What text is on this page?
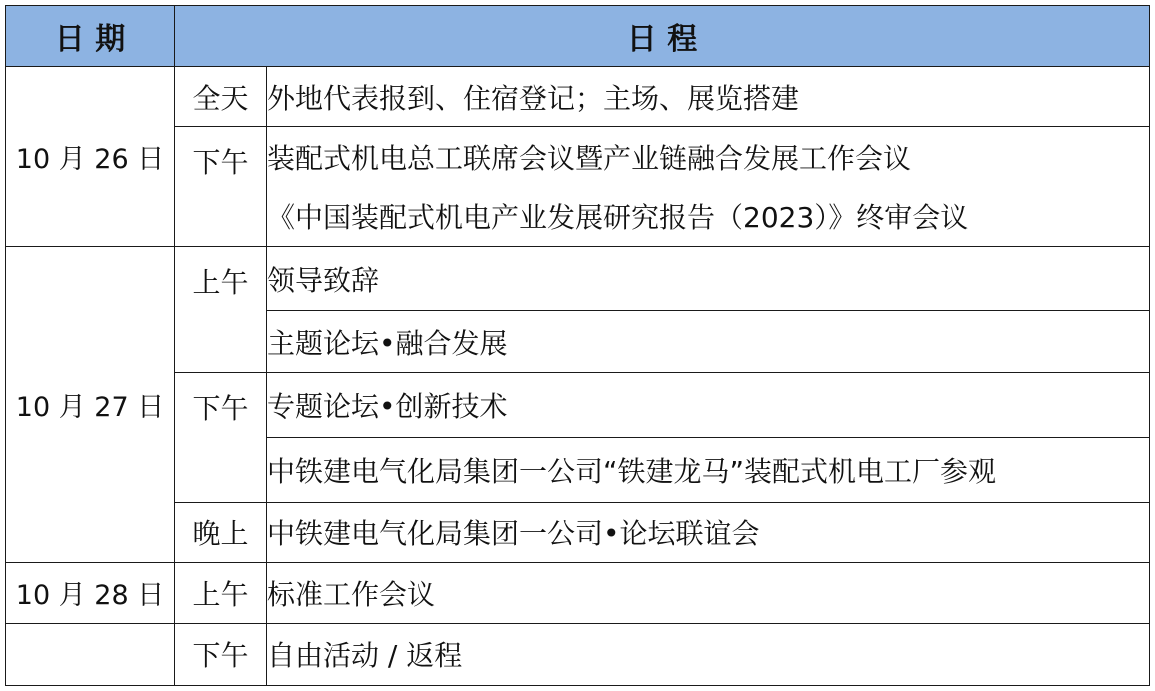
日 期	日 程	
10 月 26 日	全天	外地代表报到、住宿登记；主场、展览搭建
	下午	装配式机电总工联席会议暨产业链融合发展工作会议
		《中国装配式机电产业发展研究报告（2023）》终审会议
10 月 27 日	上午	领导致辞
		主题论坛•融合发展
	下午	专题论坛•创新技术
		中铁建电气化局集团一公司“铁建龙马”装配式机电工厂参观
	晚上	中铁建电气化局集团一公司•论坛联谊会
10 月 28 日	上午	标准工作会议
	下午	自由活动 / 返程
